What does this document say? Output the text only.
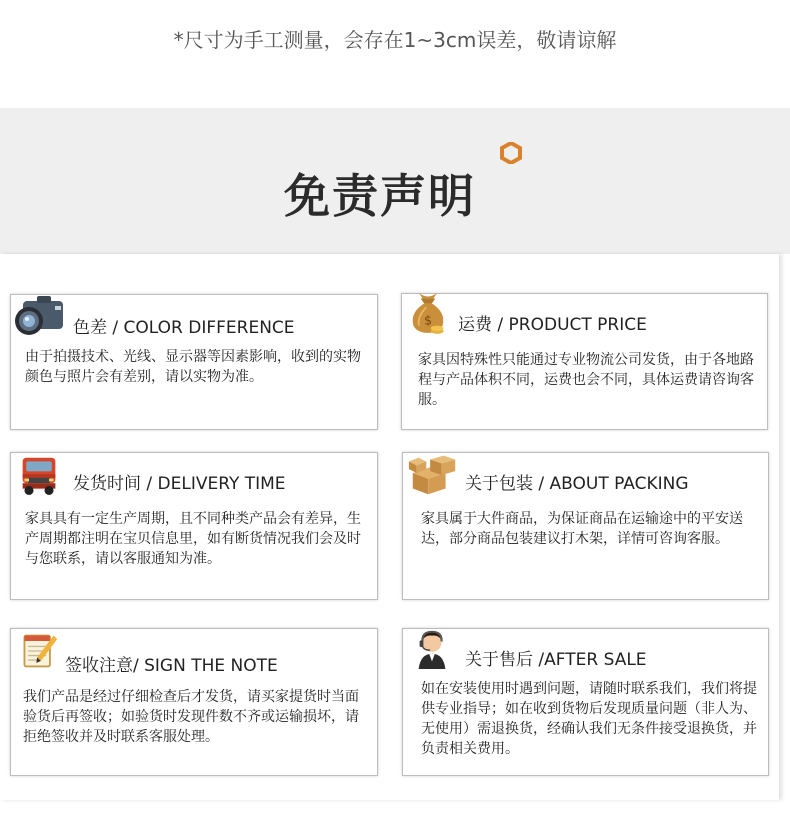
*尺寸为手工测量，会存在1~3cm误差，敬请谅解
免责声明
色差 / COLOR DIFFERENCE
由于拍摄技术、光线、显示器等因素影响，收到的实物颜色与照片会有差别，请以实物为准。
$ 运费 / PRODUCT PRICE
家具因特殊性只能通过专业物流公司发货，由于各地路程与产品体积不同，运费也会不同，具体运费请咨询客服。
发货时间 / DELIVERY TIME
家具具有一定生产周期，且不同种类产品会有差异，生产周期都注明在宝贝信息里，如有断货情况我们会及时与您联系，请以客服通知为准。
关于包装 / ABOUT PACKING
家具属于大件商品，为保证商品在运输途中的平安送达，部分商品包装建议打木架，详情可咨询客服。
签收注意/ SIGN THE NOTE
我们产品是经过仔细检查后才发货，请买家提货时当面验货后再签收；如验货时发现件数不齐或运输损坏，请拒绝签收并及时联系客服处理。
关于售后 /AFTER SALE
如在安装使用时遇到问题，请随时联系我们，我们将提供专业指导；如在收到货物后发现质量问题（非人为、无使用）需退换货，经确认我们无条件接受退换货，并负责相关费用。
